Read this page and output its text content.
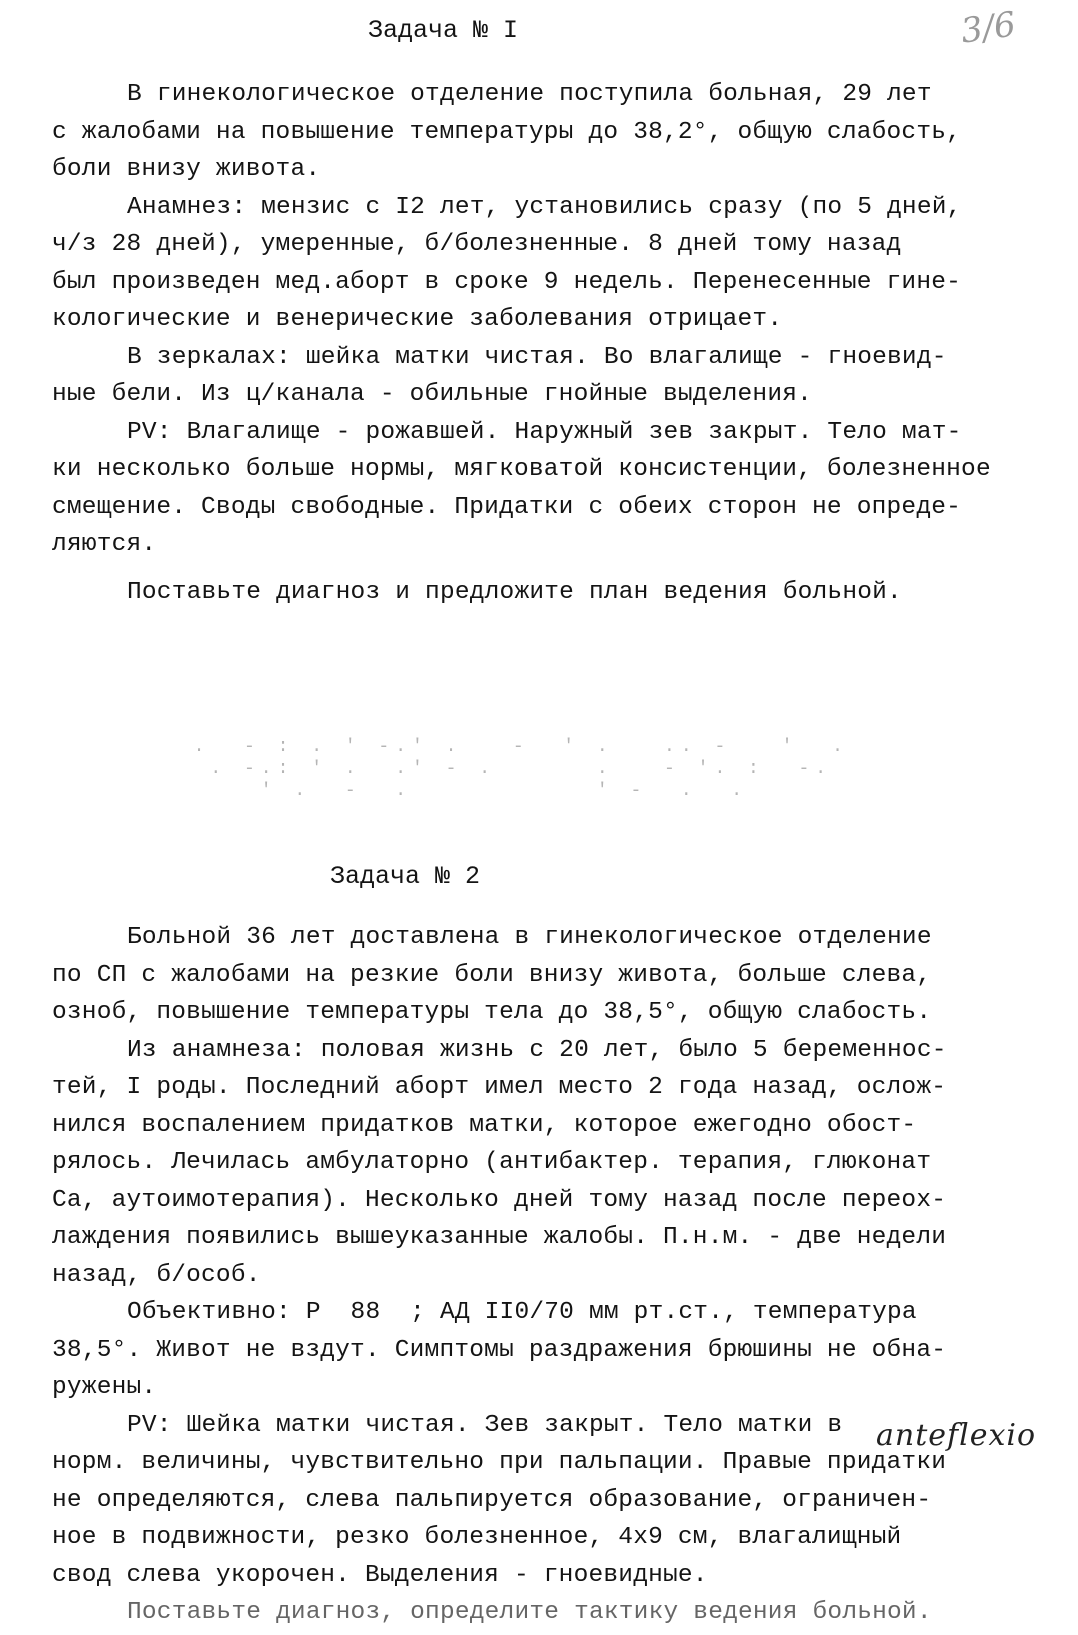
3/6
Задача № I
В гинекологическое отделение поступила больная, 29 лет
с жалобами на повышение температуры до 38,2°, общую слабость,
боли внизу живота.
Анамнез: мензис с I2 лет, установились сразу (по 5 дней,
ч/з 28 дней), умеренные, б/болезненные. 8 дней тому назад
был произведен мед.аборт в сроке 9 недель. Перенесенные гине-
кологические и венерические заболевания отрицает.
В зеркалах: шейка матки чистая. Во влагалище - гноевид-
ные бели. Из ц/канала - обильные гнойные выделения.
PV: Влагалище - рожавшей. Наружный зев закрыт. Тело мат-
ки несколько больше нормы, мягковатой консистенции, болезненное
смещение. Своды свободные. Придатки с обеих сторон не опреде-
ляются.
Поставьте диагноз и предложите план ведения больной.
.  - : . ' -.' .   -  ' .   .. -   '  .
. -.: ' .  .' - .      .   - '. :  -.
' .  -  .           ' -  .  .
Задача № 2
Больной 36 лет доставлена в гинекологическое отделение
по СП с жалобами на резкие боли внизу живота, больше слева,
озноб, повышение температуры тела до 38,5°, общую слабость.
Из анамнеза: половая жизнь с 20 лет, было 5 беременнос-
тей, I роды. Последний аборт имел место 2 года назад, ослож-
нился воспалением придатков матки, которое ежегодно обост-
рялось. Лечилась амбулаторно (антибактер. терапия, глюконат
Са, аутоимотерапия). Несколько дней тому назад после переох-
лаждения появились вышеуказанные жалобы. П.н.м. - две недели
назад, б/особ.
Объективно: Р  88  ; АД II0/70 мм рт.ст., температура
38,5°. Живот не вздут. Симптомы раздражения брюшины не обна-
ружены.
PV: Шейка матки чистая. Зев закрыт. Тело матки в
норм. величины, чувствительно при пальпации. Правые придатки
не определяются, слева пальпируется образование, ограничен-
ное в подвижности, резко болезненное, 4х9 см, влагалищный
свод слева укорочен. Выделения - гноевидные.
Поставьте диагноз, определите тактику ведения больной.
anteflexio
